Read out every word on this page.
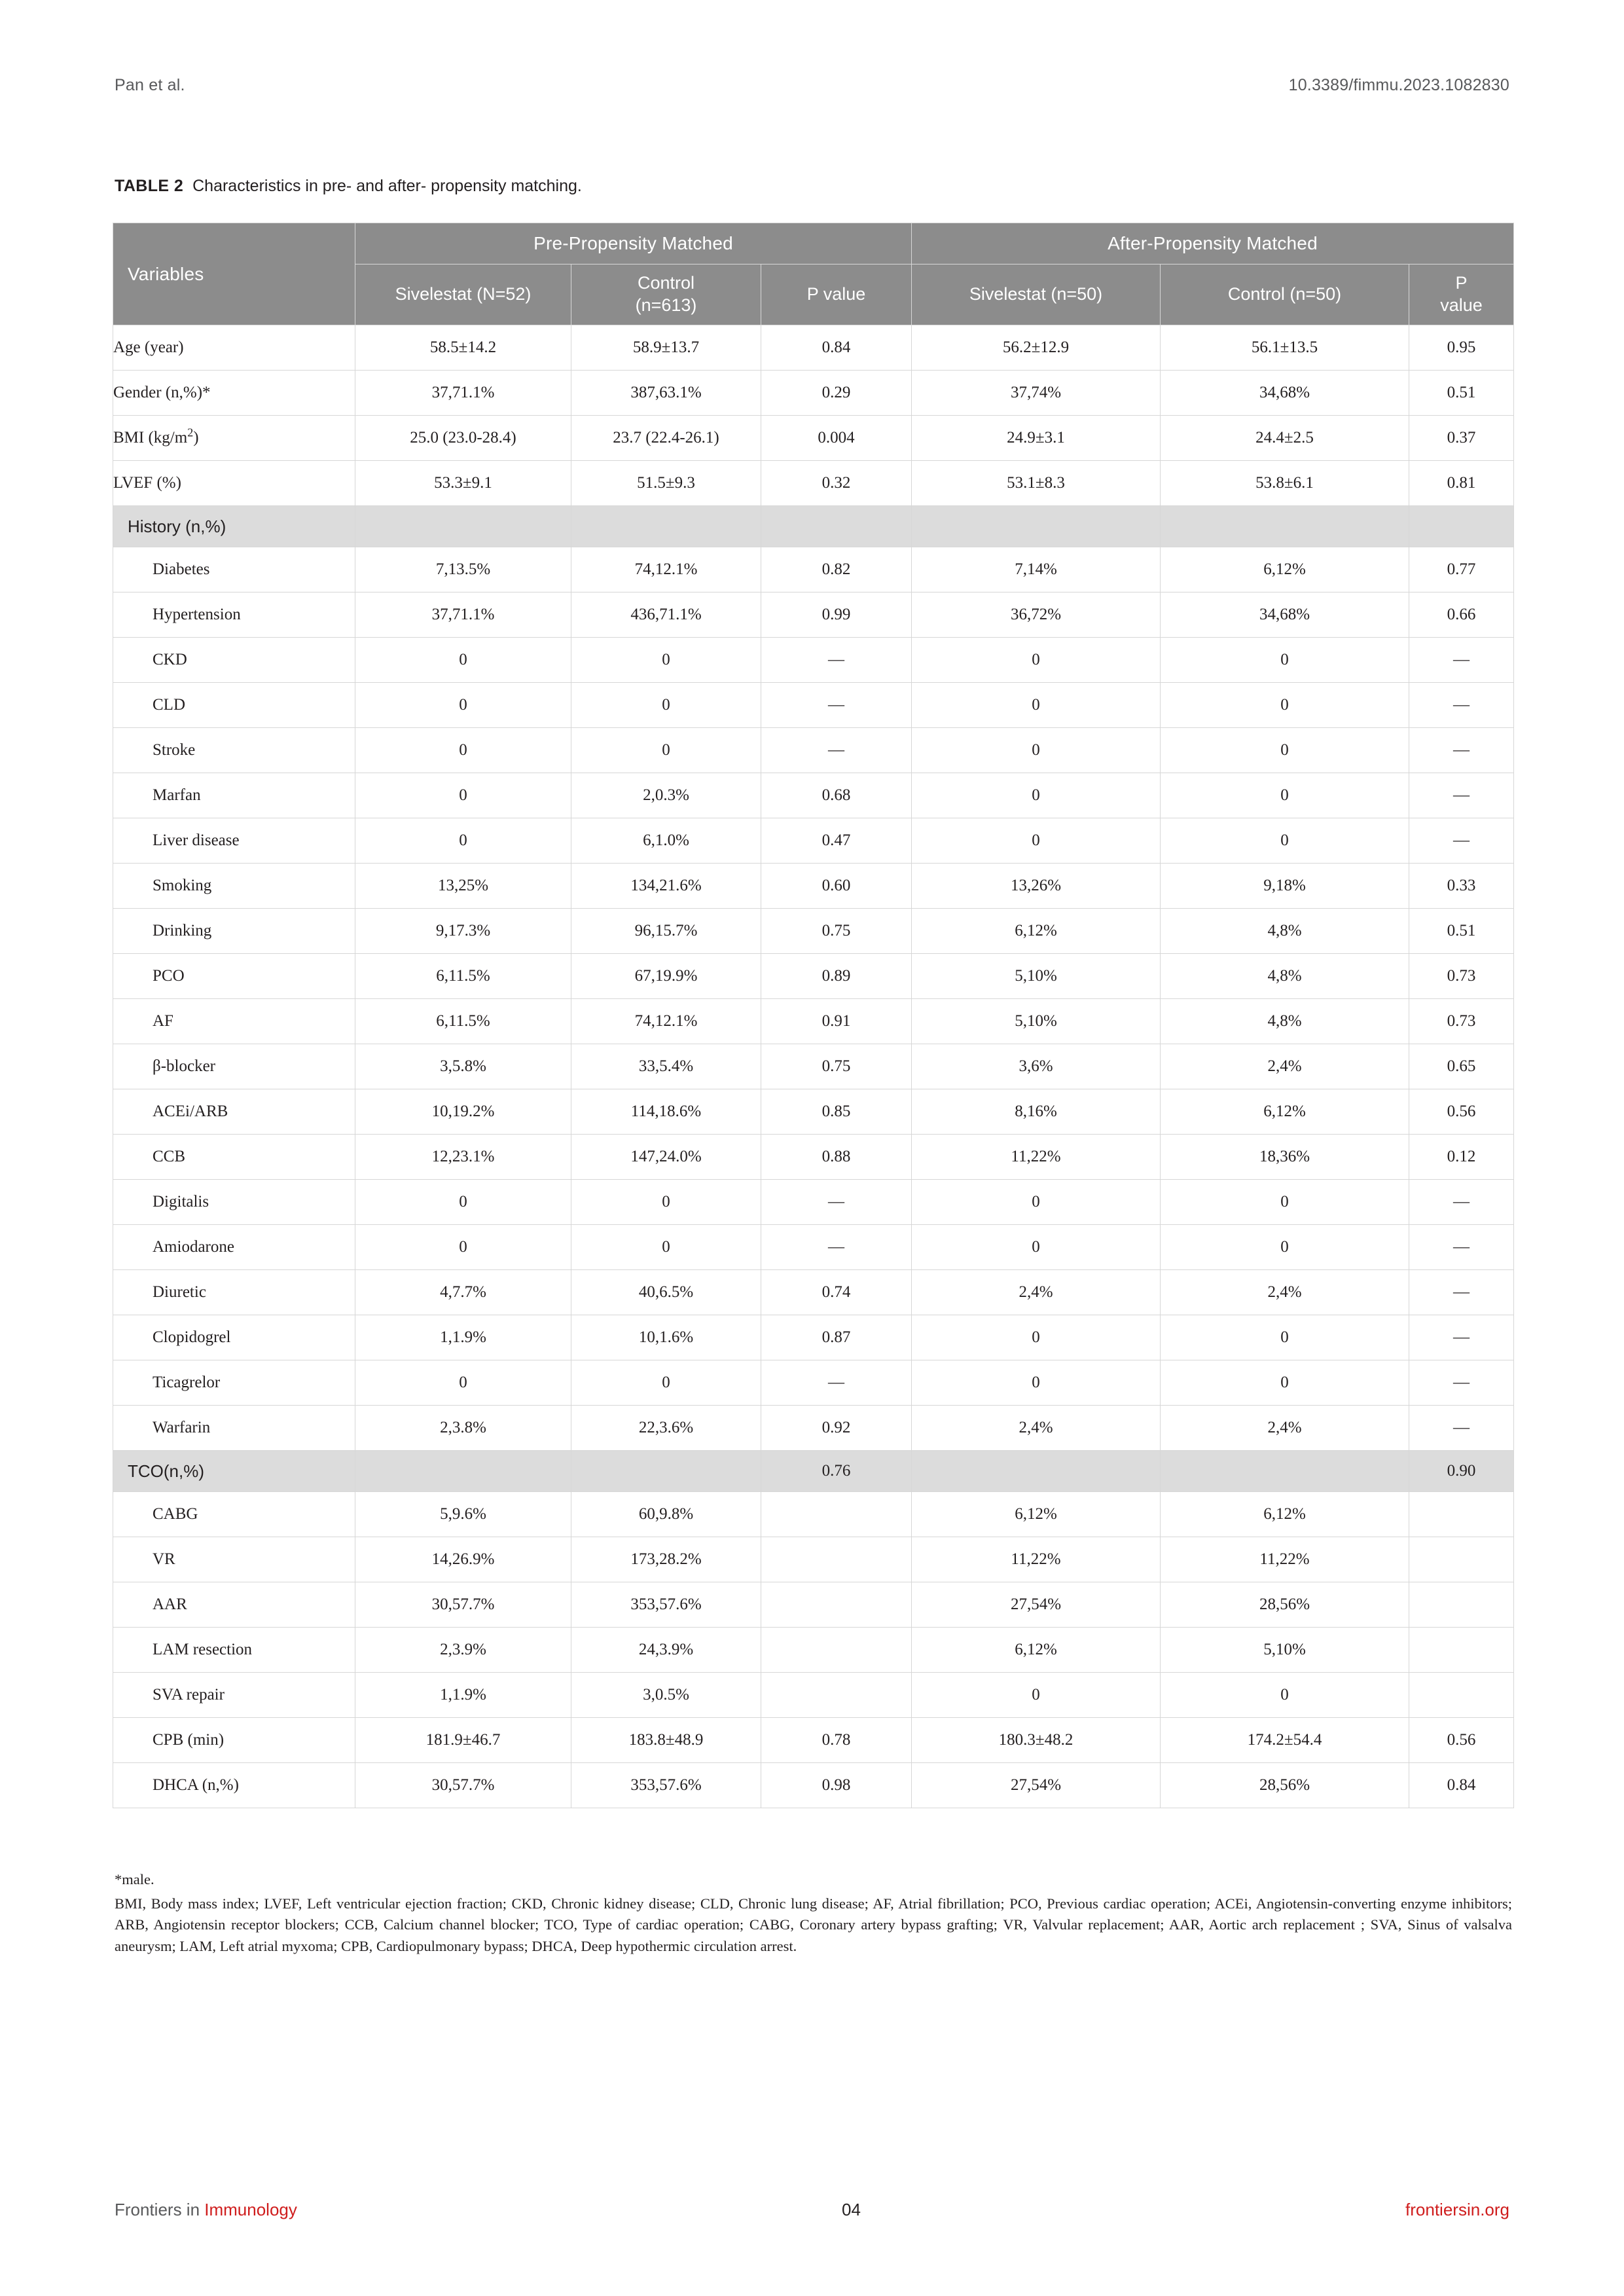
Pan et al.	10.3389/fimmu.2023.1082830
TABLE 2 Characteristics in pre- and after- propensity matching.
Variables	Pre-Propensity Matched			After-Propensity Matched		
	Sivelestat (N=52)	Control
(n=613)	P value	Sivelestat (n=50)	Control (n=50)	P
value

Age (year)	58.5±14.2	58.9±13.7	0.84	56.2±12.9	56.1±13.5	0.95
Gender (n,%)*	37,71.1%	387,63.1%	0.29	37,74%	34,68%	0.51
BMI $(kg/m^2)$	25.0 (23.0-28.4)	23.7 (22.4-26.1)	0.004	24.9±3.1	24.4±2.5	0.37
LVEF (%)	53.3±9.1	51.5±9.3	0.32	53.1±8.3	53.8±6.1	0.81
History (n,%)						
Diabetes	7,13.5%	74,12.1%	0.82	7,14%	6,12%	0.77
Hypertension	37,71.1%	436,71.1%	0.99	36,72%	34,68%	0.66
CKD	0	0	—	0	0	—
CLD	0	0	—	0	0	—
Stroke	0	0	—	0	0	—
Marfan	0	2,0.3%	0.68	0	0	—
Liver disease	0	6,1.0%	0.47	0	0	—
Smoking	13,25%	134,21.6%	0.60	13,26%	9,18%	0.33
Drinking	9,17.3%	96,15.7%	0.75	6,12%	4,8%	0.51
PCO	6,11.5%	67,19.9%	0.89	5,10%	4,8%	0.73
AF	6,11.5%	74,12.1%	0.91	5,10%	4,8%	0.73
β-blocker	3,5.8%	33,5.4%	0.75	3,6%	2,4%	0.65
ACEi/ARB	10,19.2%	114,18.6%	0.85	8,16%	6,12%	0.56
CCB	12,23.1%	147,24.0%	0.88	11,22%	18,36%	0.12
Digitalis	0	0	—	0	0	—
Amiodarone	0	0	—	0	0	—
Diuretic	4,7.7%	40,6.5%	0.74	2,4%	2,4%	—
Clopidogrel	1,1.9%	10,1.6%	0.87	0	0	—
Ticagrelor	0	0	—	0	0	—
Warfarin	2,3.8%	22,3.6%	0.92	2,4%	2,4%	—
TCO(n,%)			0.76			0.90
CABG	5,9.6%	60,9.8%		6,12%	6,12%	
VR	14,26.9%	173,28.2%		11,22%	11,22%	
AAR	30,57.7%	353,57.6%		27,54%	28,56%	
LAM resection	2,3.9%	24,3.9%		6,12%	5,10%	
SVA repair	1,1.9%	3,0.5%		0	0	
CPB (min)	181.9±46.7	183.8±48.9	0.78	180.3±48.2	174.2±54.4	0.56
DHCA (n,%)	30,57.7%	353,57.6%	0.98	27,54%	28,56%	0.84
*male.
BMI, Body mass index; LVEF, Left ventricular ejection fraction; CKD, Chronic kidney disease; CLD, Chronic lung disease; AF, Atrial fibrillation; PCO, Previous cardiac operation; ACEi, Angiotensin-converting enzyme inhibitors; ARB, Angiotensin receptor blockers; CCB, Calcium channel blocker; TCO, Type of cardiac operation; CABG, Coronary artery bypass grafting; VR, Valvular replacement; AAR, Aortic arch replacement ; SVA, Sinus of valsalva aneurysm; LAM, Left atrial myxoma; CPB, Cardiopulmonary bypass; DHCA, Deep hypothermic circulation arrest.
Frontiers in Immunology	04	frontiersin.org
